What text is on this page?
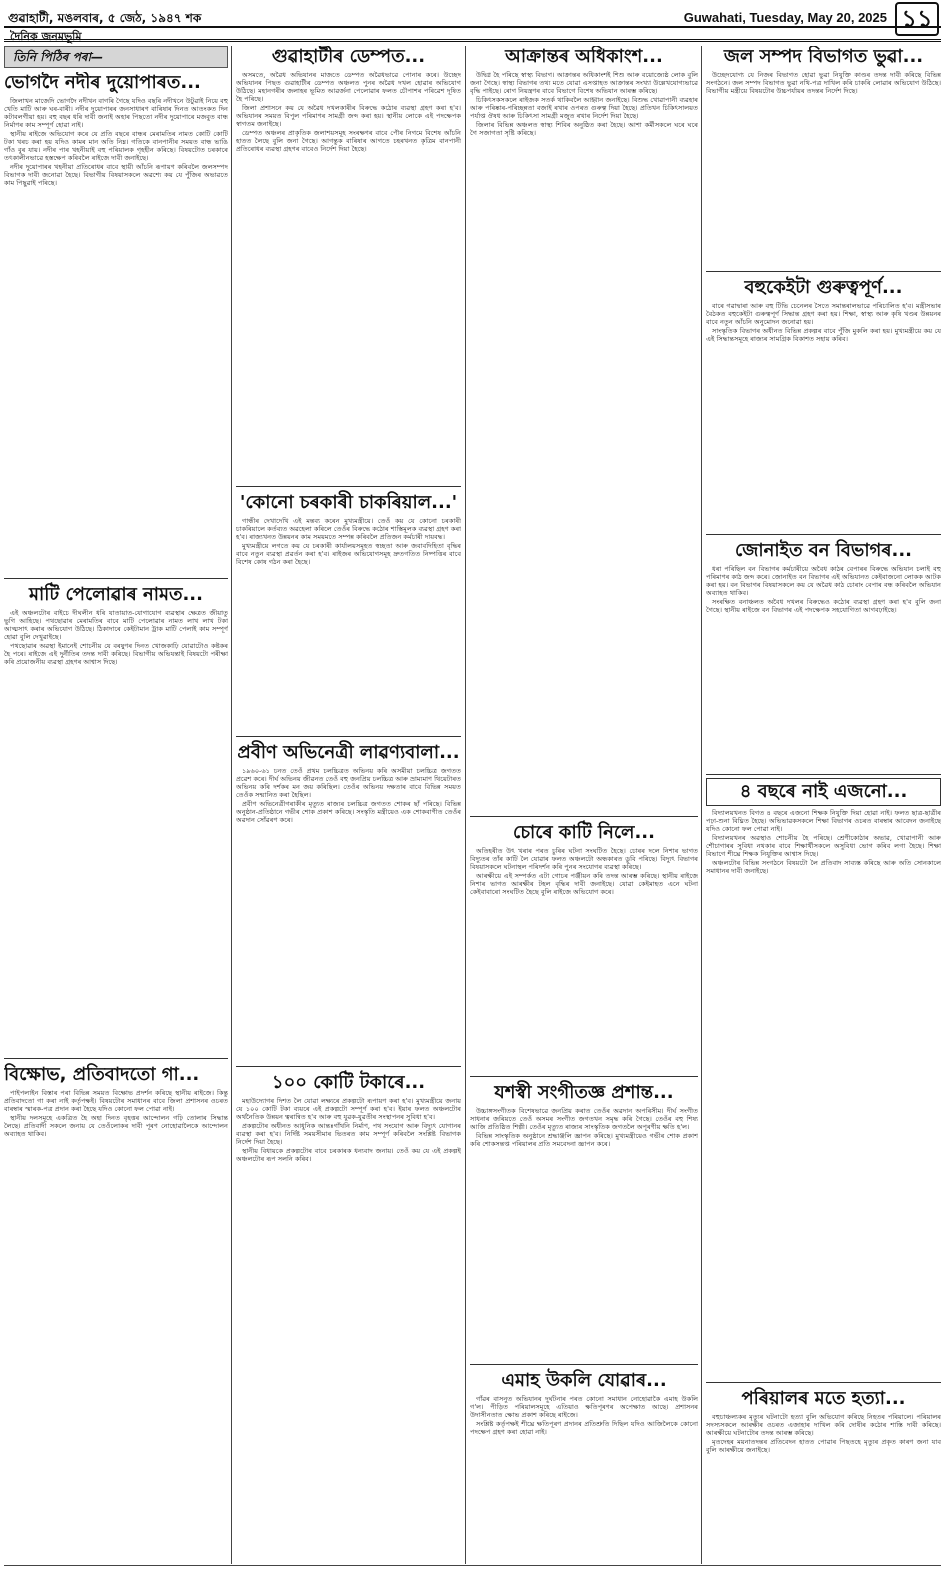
গুৱাহাটী, মঙলবাৰ, ৫ জেঠ, ১৯৪৭ শক	Guwahati, Tuesday, May 20, 2025 ১১
দৈনিক জনমভূমি
তিনি পিঠিৰ পৰা—
ভোগদৈ নদীৰ দুয়োপাৰত...

জিলাখন মাজেদি ভোগদৈ নদীখন বাগৰি গৈছে যদিও বছৰি নদীখনে উটুৱাই নিয়ে বহু খেতি মাটি আৰু ঘৰ-বাৰী। নদীৰ দুয়োপাৰৰ জনসাধাৰণ বাৰিষাৰ দিনত আতংকত দিন কটাবলগীয়া হয়। বহু বছৰ ধৰি দাবী জনাই অহাৰ পিছতো নদীৰ দুয়োপাৰে মজবুত বান্ধ নিৰ্মাণৰ কাম সম্পূৰ্ণ হোৱা নাই।

স্থানীয় ৰাইজে অভিযোগ কৰে যে প্ৰতি বছৰে বান্ধৰ মেৰামতিৰ নামত কোটি কোটি টকা খৰচ কৰা হয় যদিও কামৰ মান অতি নিম্ন। গতিকে বানপানীৰ সময়ত বান্ধ ভাঙি গাঁও বুৰ যায়। নদীৰ পাৰ খহনীয়াই বহু পৰিয়ালক গৃহহীন কৰিছে। বিষয়টোত চৰকাৰে তৎকালীনভাৱে হস্তক্ষেপ কৰিবলৈ ৰাইজে দাবী জনাইছে।

নদীৰ দুয়োপাৰৰ খহনীয়া প্ৰতিৰোধৰ বাবে স্থায়ী আঁচনি ৰূপায়ণ কৰিবলৈ জলসম্পদ বিভাগক দাবী জনোৱা হৈছে। বিভাগীয় বিষয়াসকলে অৱশ্যে কয় যে পুঁজিৰ অভাৱতে কাম পিছুৱাই পৰিছে।

মাটি পেলোৱাৰ নামত...

এই অঞ্চলটোৰ বাইচে দীঘলীন ধৰি যাতায়াত-যোগাযোগ ব্যৱস্থাৰ ক্ষেত্ৰত জীয়াতু ভুগি আহিছে। পথছোৱাৰ মেৰামতিৰ বাবে মাটি পেলোৱাৰ নামত লাখ লাখ টকা আত্মসাৎ কৰাৰ অভিযোগ উঠিছে। ঠিকাদাৰে কেইটামান ট্ৰাক মাটি পেলাই কাম সম্পূৰ্ণ হোৱা বুলি দেখুৱাইছে।

পথছোৱাৰ অৱস্থা ইমানেই শোচনীয় যে বৰষুণৰ দিনত খোজকাঢ়ি যোৱাটোও কষ্টকৰ হৈ পৰে। ৰাইজে এই দুৰ্নীতিৰ তদন্ত দাবী কৰিছে। বিভাগীয় অভিযন্তাই বিষয়টো পৰীক্ষা কৰি প্ৰয়োজনীয় ব্যৱস্থা গ্ৰহণৰ আশ্বাস দিছে।

বিক্ষোভ, প্ৰতিবাদতো গা...

পাইপলাইন বিস্তাৰ পৰা বিভিন্ন সময়ত বিক্ষোভ প্ৰদৰ্শন কৰিছে স্থানীয় ৰাইজে। কিন্তু প্ৰতিবাদতো গা কৰা নাই কৰ্তৃপক্ষই। বিষয়টোৰ সমাধানৰ বাবে জিলা প্ৰশাসনৰ ওচৰত বাৰম্বাৰ স্মাৰক-পত্ৰ প্ৰদান কৰা হৈছে যদিও কোনো ফল পোৱা নাই।

স্থানীয় দলসমূহে একত্ৰিত হৈ অহা দিনত বৃহত্তৰ আন্দোলন গঢ়ি তোলাৰ সিদ্ধান্ত লৈছে। প্ৰতিবাদী সকলে জনায় যে তেওঁলোকৰ দাবী পূৰণ নোহোৱালৈকে আন্দোলন অব্যাহত থাকিব।

গুৱাহাটীৰ ডেম্পত...

অসমতে, অৱৈধ অভিযানৰ মাজতে ডেম্পত অৱৈধভাৱে পোনাৰ কৰে। উচ্ছেদ অভিযানৰ পিছত গুৱাহাটীৰ ডেম্পত অঞ্চলত পুনৰ অৱৈধ দখল হোৱাৰ অভিযোগ উঠিছে। মহানগৰীৰ জলাহৰ ভূমিত আৱৰ্জনা পেলোৱাৰ ফলত চৌপাশৰ পৰিৱেশ দূষিত হৈ পৰিছে।

জিলা প্ৰশাসনে কয় যে অৱৈধ দখলকাৰীৰ বিৰুদ্ধে কঠোৰ ব্যৱস্থা গ্ৰহণ কৰা হ'ব। অভিযানৰ সময়ত বিপুল পৰিমাণৰ সামগ্ৰী জব্দ কৰা হয়। স্থানীয় লোকে এই পদক্ষেপক স্বাগতম জনাইছে।

ডেম্পত অঞ্চলৰ প্ৰাকৃতিক জলাশয়সমূহ সংৰক্ষণৰ বাবে পৌৰ নিগমে বিশেষ আঁচনি হাতত লৈছে বুলি জনা গৈছে। আগন্তুক বাৰিষাৰ আগতে চহৰখনত কৃত্ৰিম বানপানী প্ৰতিৰোধৰ ব্যৱস্থা গ্ৰহণৰ বাবেও নিৰ্দেশ দিয়া হৈছে।

'কোনো চৰকাৰী চাকৰিয়াল...'

গান্ধীৰ দেখাদেখি এই মন্তব্য কৰেন মুখ্যমন্ত্ৰীয়ে। তেওঁ কয় যে কোনো চৰকাৰী চাকৰিয়ালে কৰ্তব্যত অৱহেলা কৰিলে তেওঁৰ বিৰুদ্ধে কঠোৰ শাস্তিমূলক ব্যৱস্থা গ্ৰহণ কৰা হ'ব। ৰাজ্যখনত উন্নয়নৰ কাম সময়মতে সম্পন্ন কৰিবলৈ প্ৰতিজন কৰ্মচাৰী দায়বদ্ধ।

মুখ্যমন্ত্ৰীয়ে লগতে কয় যে চৰকাৰী কাৰ্যালয়সমূহত স্বচ্ছতা আৰু জবাবদিহিতা বৃদ্ধিৰ বাবে নতুন ব্যৱস্থা প্ৰৱৰ্তন কৰা হ'ব। ৰাইজৰ অভিযোগসমূহ দ্ৰুতগতিত নিষ্পত্তিৰ বাবে বিশেষ কোষ গঠন কৰা হৈছে।

প্ৰবীণ অভিনেত্ৰী লাৱণ্যবালা...

১৯৬০-৬১ চনত তেওঁ প্ৰথম চলচ্চিত্ৰত অভিনয় কৰি অসমীয়া চলচ্চিত্ৰ জগতত প্ৰৱেশ কৰে। দীৰ্ঘ অভিনয় জীৱনত তেওঁ বহু জনপ্ৰিয় চলচ্চিত্ৰ আৰু ভ্ৰাম্যমাণ থিয়েটাৰত অভিনয় কৰি দৰ্শকৰ মন জয় কৰিছিল। তেওঁৰ অভিনয় দক্ষতাৰ বাবে বিভিন্ন সময়ত তেওঁক সন্মানিত কৰা হৈছিল।

প্ৰবীণ অভিনেত্ৰীগৰাকীৰ মৃত্যুত ৰাজ্যৰ চলচ্চিত্ৰ জগতত শোকৰ ছাঁ পৰিছে। বিভিন্ন অনুষ্ঠান-প্ৰতিষ্ঠানে গভীৰ শোক প্ৰকাশ কৰিছে। সংস্কৃতি মন্ত্ৰীয়েও এক শোকবাণীত তেওঁৰ অৱদান সোঁৱৰণ কৰে।

১০০ কোটি টকাৰে...

মহাউদ্যোগৰ দিশত লৈ যোৱা লক্ষ্যৰে প্ৰকল্পটো ৰূপায়ণ কৰা হ'ব। মুখ্যমন্ত্ৰীয়ে জনায় যে ১০০ কোটি টকা ব্যয়ৰে এই প্ৰকল্পটো সম্পূৰ্ণ কৰা হ'ব। ইয়াৰ ফলত অঞ্চলটোৰ অৰ্থনৈতিক উন্নয়ন ত্বৰান্বিত হ'ব আৰু বহু যুৱক-যুৱতীৰ সংস্থাপনৰ সুবিধা হ'ব।

প্ৰকল্পটোৰ অধীনত আধুনিক আন্তঃগাঁথনি নিৰ্মাণ, পথ সংযোগ আৰু বিদ্যুৎ যোগানৰ ব্যৱস্থা কৰা হ'ব। নিৰ্দিষ্ট সময়সীমাৰ ভিতৰত কাম সম্পূৰ্ণ কৰিবলৈ সংশ্লিষ্ট বিভাগক নিৰ্দেশ দিয়া হৈছে।

স্থানীয় বিধায়কে প্ৰকল্পটোৰ বাবে চৰকাৰক ধন্যবাদ জনায়। তেওঁ কয় যে এই প্ৰকল্পই অঞ্চলটোৰ ৰূপ সলনি কৰিব।

আক্ৰান্তৰ অধিকাংশ...

উদ্বিগ্ন হৈ পৰিছে স্বাস্থ্য বিভাগ। আক্ৰান্তৰ অধিকাংশই শিশু আৰু বয়োজ্যেষ্ঠ লোক বুলি জনা গৈছে। স্বাস্থ্য বিভাগৰ তথ্য মতে যোৱা এসপ্তাহত আক্ৰান্তৰ সংখ্যা উল্লেখযোগ্যভাৱে বৃদ্ধি পাইছে। ৰোগ নিয়ন্ত্ৰণৰ বাবে বিভাগে বিশেষ অভিযান আৰম্ভ কৰিছে।

চিকিৎসকসকলে ৰাইজক সতৰ্ক থাকিবলৈ আহ্বান জনাইছে। বিশুদ্ধ খোৱাপানী ব্যৱহাৰ আৰু পৰিষ্কাৰ-পৰিচ্ছন্নতা বজাই ৰখাৰ ওপৰত গুৰুত্ব দিয়া হৈছে। প্ৰতিখন চিকিৎসালয়ত পৰ্যাপ্ত ঔষধ আৰু চিকিৎসা সামগ্ৰী মজুত ৰখাৰ নিৰ্দেশ দিয়া হৈছে।

জিলাৰ বিভিন্ন অঞ্চলত স্বাস্থ্য শিবিৰ অনুষ্ঠিত কৰা হৈছে। আশা কৰ্মীসকলে ঘৰে ঘৰে গৈ সজাগতা সৃষ্টি কৰিছে।

চোৰে কাটি নিলে...

অতিহৰীত উৎ খৰাৰ পৰত চুৰিৰ ঘটনা সংঘটিত হৈছে। চোৰৰ দলে নিশাৰ ভাগত বিদ্যুতৰ তাঁৰ কাটি লৈ যোৱাৰ ফলত অঞ্চলটো অন্ধকাৰত ডুবি পৰিছে। বিদ্যুৎ বিভাগৰ বিষয়াসকলে ঘটনাস্থল পৰিদৰ্শন কৰি পুনৰ সংযোগৰ ব্যৱস্থা কৰিছে।

আৰক্ষীয়ে এই সম্পৰ্কত এটা গোচৰ পঞ্জীয়ন কৰি তদন্ত আৰম্ভ কৰিছে। স্থানীয় ৰাইজে নিশাৰ ভাগত আৰক্ষীৰ টহল বৃদ্ধিৰ দাবী জনাইছে। যোৱা কেইমাহত এনে ঘটনা কেইবাবাৰো সংঘটিত হৈছে বুলি ৰাইজে অভিযোগ কৰে।

যশস্বী সংগীতজ্ঞ প্ৰশান্ত...

উচ্চাঙ্গসংগীতক বিশেষভাৱে জনপ্ৰিয় কৰাত তেওঁৰ অৱদান অপৰিসীম। দীৰ্ঘ সংগীত সাধনাৰ জৰিয়তে তেওঁ অসমৰ সংগীত জগতখন সমৃদ্ধ কৰি গৈছে। তেওঁৰ বহু শিষ্য আজি প্ৰতিষ্ঠিত শিল্পী। তেওঁৰ মৃত্যুত ৰাজ্যৰ সাংস্কৃতিক জগতলৈ অপূৰণীয় ক্ষতি হ'ল।

বিভিন্ন সাংস্কৃতিক অনুষ্ঠানে শ্ৰদ্ধাঞ্জলি জ্ঞাপন কৰিছে। মুখ্যমন্ত্ৰীয়েও গভীৰ শোক প্ৰকাশ কৰি শোকসন্তপ্ত পৰিয়ালৰ প্ৰতি সমবেদনা জ্ঞাপন কৰে।

এমাহ উকলি যোৱাৰ...

গাঁৱৰ বাসনুত অভিযানৰ দুৰ্ঘটনাৰ পৰত কোনো সমাধান নোহোৱাকৈ এমাহ উকলি গ'ল। পীড়িত পৰিয়ালসমূহে এতিয়াও ক্ষতিপূৰণৰ অপেক্ষাত আছে। প্ৰশাসনৰ উদাসীনতাত ক্ষোভ প্ৰকাশ কৰিছে ৰাইজে।

সংশ্লিষ্ট কৰ্তৃপক্ষই শীঘ্ৰে ক্ষতিপূৰণ প্ৰদানৰ প্ৰতিশ্ৰুতি দিছিল যদিও আজিলৈকে কোনো পদক্ষেপ গ্ৰহণ কৰা হোৱা নাই।

জল সম্পদ বিভাগত ভুৱা...

উচ্ছেদযোগ্য যে নিজৰ বিভাগত হোৱা ভুৱা নিযুক্তি কাণ্ডৰ তদন্ত দাবী কৰিছে বিভিন্ন সংগঠনে। জল সম্পদ বিভাগত ভুৱা নথি-পত্ৰ দাখিল কৰি চাকৰি লোৱাৰ অভিযোগ উঠিছে। বিভাগীয় মন্ত্ৰীয়ে বিষয়টোৰ উচ্চপৰ্যায়ৰ তদন্তৰ নিৰ্দেশ দিছে।

বহুকেইটা গুৰুত্বপূৰ্ণ...

বাৰে গৱাদ্বাৰা আৰু বহু টিভি চেনেলৰ সৈতে সমান্তৰালভাৱে পৰিচালিত হ'ব। মন্ত্ৰীসভাৰ বৈঠকত বহুকেইটা গুৰুত্বপূৰ্ণ সিদ্ধান্ত গ্ৰহণ কৰা হয়। শিক্ষা, স্বাস্থ্য আৰু কৃষি খণ্ডৰ উন্নয়নৰ বাবে নতুন আঁচনি অনুমোদন জনোৱা হয়।

সাংস্কৃতিক বিভাগৰ অধীনত বিভিন্ন প্ৰকল্পৰ বাবে পুঁজি মুকলি কৰা হয়। মুখ্যমন্ত্ৰীয়ে কয় যে এই সিদ্ধান্তসমূহে ৰাজ্যৰ সামগ্ৰিক বিকাশত সহায় কৰিব।

জোনাইত বন বিভাগৰ...

ধৰা পৰিছিল বন বিভাগৰ কৰ্মচাৰীয়ে অবৈধ কাঠৰ বেপাৰৰ বিৰুদ্ধে অভিযান চলাই বহু পৰিমাণৰ কাঠ জব্দ কৰে। জোনাইত বন বিভাগৰ এই অভিযানত কেইবাজনো লোকক আটক কৰা হয়। বন বিভাগৰ বিষয়াসকলে কয় যে অৱৈধ কাঠ চোৰাং বেপাৰ বন্ধ কৰিবলৈ অভিযান অব্যাহত থাকিব।

সংৰক্ষিত বনাঞ্চলত অবৈধ দখলৰ বিৰুদ্ধেও কঠোৰ ব্যৱস্থা গ্ৰহণ কৰা হ'ব বুলি জনা গৈছে। স্থানীয় ৰাইজে বন বিভাগৰ এই পদক্ষেপক সহযোগিতা আগবঢ়াইছে।

৪ বছৰে নাই এজনো...

বিদ্যালয়খনত বিগত ৪ বছৰে এজনো শিক্ষক নিযুক্তি দিয়া হোৱা নাই। ফলত ছাত্ৰ-ছাত্ৰীৰ পঢ়া-শুনা বিঘ্নিত হৈছে। অভিভাৱকসকলে শিক্ষা বিভাগৰ ওচৰত বাৰম্বাৰ আবেদন জনাইছে যদিও কোনো ফল পোৱা নাই।

বিদ্যালয়খনৰ অৱস্থাও শোচনীয় হৈ পৰিছে। শ্ৰেণীকোঠাৰ অভাৱ, খোৱাপানী আৰু শৌচাগাৰৰ সুবিধা নথকাৰ বাবে শিক্ষাৰ্থীসকলে অসুবিধা ভোগ কৰিব লগা হৈছে। শিক্ষা বিভাগে শীঘ্ৰে শিক্ষক নিযুক্তিৰ আশ্বাস দিছে।

অঞ্চলটোৰ বিভিন্ন সংগঠনে বিষয়টো লৈ প্ৰতিবাদ সাব্যস্ত কৰিছে আৰু অতি সোনকালে সমাধানৰ দাবী জনাইছে।

পৰিয়ালৰ মতে হত্যা...

বহুচাঞ্চল্যকৰ মৃত্যুৰ ঘটনাটো হত্যা বুলি অভিযোগ কৰিছে নিহতৰ পৰিয়ালে। পৰিয়ালৰ সদস্যসকলে আৰক্ষীৰ ওচৰত এজাহাৰ দাখিল কৰি দোষীৰ কঠোৰ শাস্তি দাবী কৰিছে। আৰক্ষীয়ে ঘটনাটোৰ তদন্ত আৰম্ভ কৰিছে।

মৃতদেহৰ ময়নাতদন্তৰ প্ৰতিবেদন হাতত পোৱাৰ পিছতহে মৃত্যুৰ প্ৰকৃত কাৰণ জনা যাব বুলি আৰক্ষীয়ে জনাইছে।
